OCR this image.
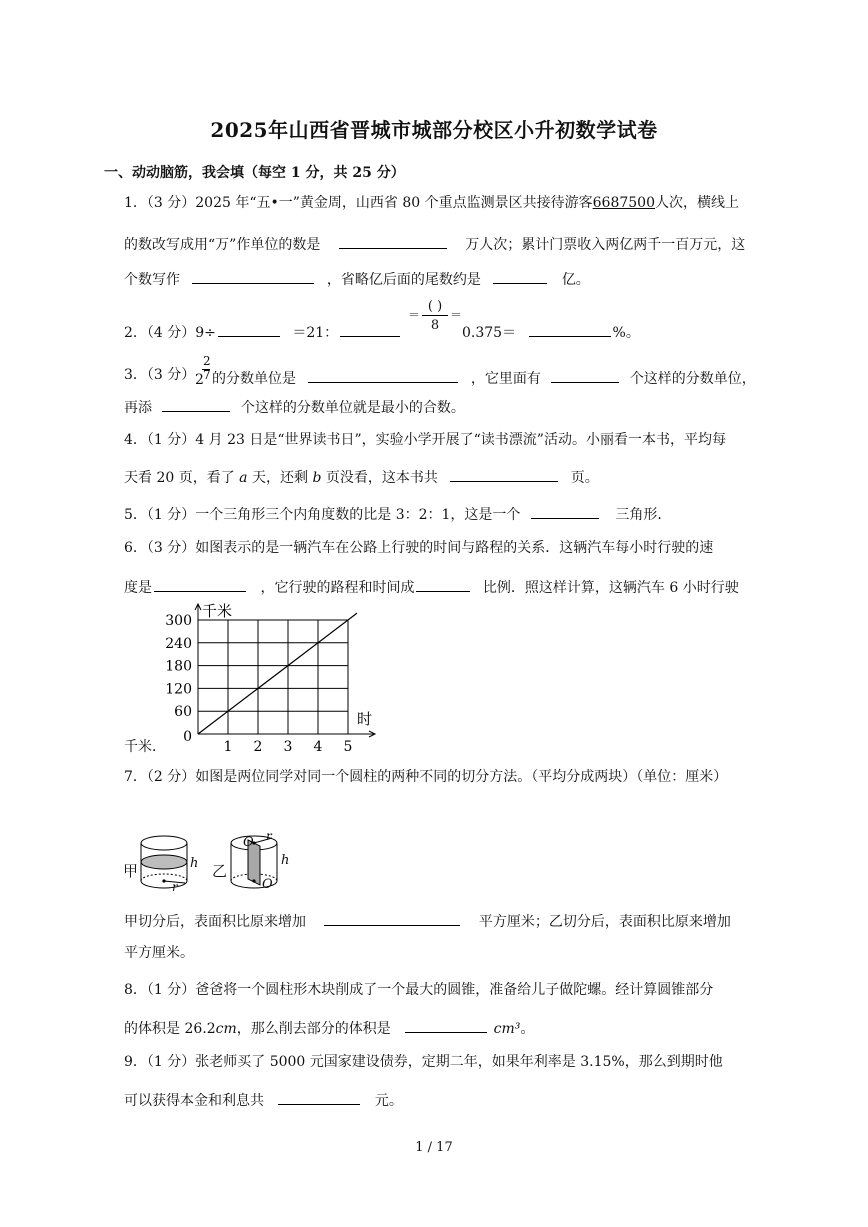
2025年山西省晋城市城部分校区小升初数学试卷
一、动动脑筋，我会填（每空 1 分，共 25 分）
1．（3 分）2025 年“五•一”黄金周，山西省 80 个重点监测景区共接待游客6687500人次，横线上
的数改写成用“万”作单位的数是	万人次；累计门票收入两亿两千一百万元，这
个数写作	，省略亿后面的尾数约是	亿。
2．（4 分）9÷	＝21：
＝
( )
8
＝
0.375＝	%。
3．（3 分） 2
2
7 的分数单位是	，它里面有	个这样的分数单位，
再添	个这样的分数单位就是最小的合数。
4．（1 分）4 月 23 日是“世界读书日”，实验小学开展了“读书漂流”活动。小丽看一本书，平均每
天看 20 页，看了 a 天，还剩 b 页没看，这本书共	页。
5．（1 分）一个三角形三个内角度数的比是 3：2：1，这是一个	三角形．
6．（3 分）如图表示的是一辆汽车在公路上行驶的时间与路程的关系．这辆汽车每小时行驶的速
度是	，它行驶的路程和时间成	比例．照这样计算，这辆汽车 6 小时行驶
0
60
120
180
240
300
1 2 3 4 5
千米
时
千米．
7．（2 分）如图是两位同学对同一个圆柱的两种不同的切分方法。（平均分成两块）（单位：厘米）
甲	h
r
乙
O r
h
O
甲切分后，表面积比原来增加	平方厘米；乙切分后，表面积比原来增加
平方厘米。
8．（1 分）爸爸将一个圆柱形木块削成了一个最大的圆锥，准备给儿子做陀螺。经计算圆锥部分
的体积是 26.2cm，那么削去部分的体积是	cm³。
9．（1 分）张老师买了 5000 元国家建设债券，定期二年，如果年利率是 3.15%，那么到期时他
可以获得本金和利息共	元。
1 / 17
